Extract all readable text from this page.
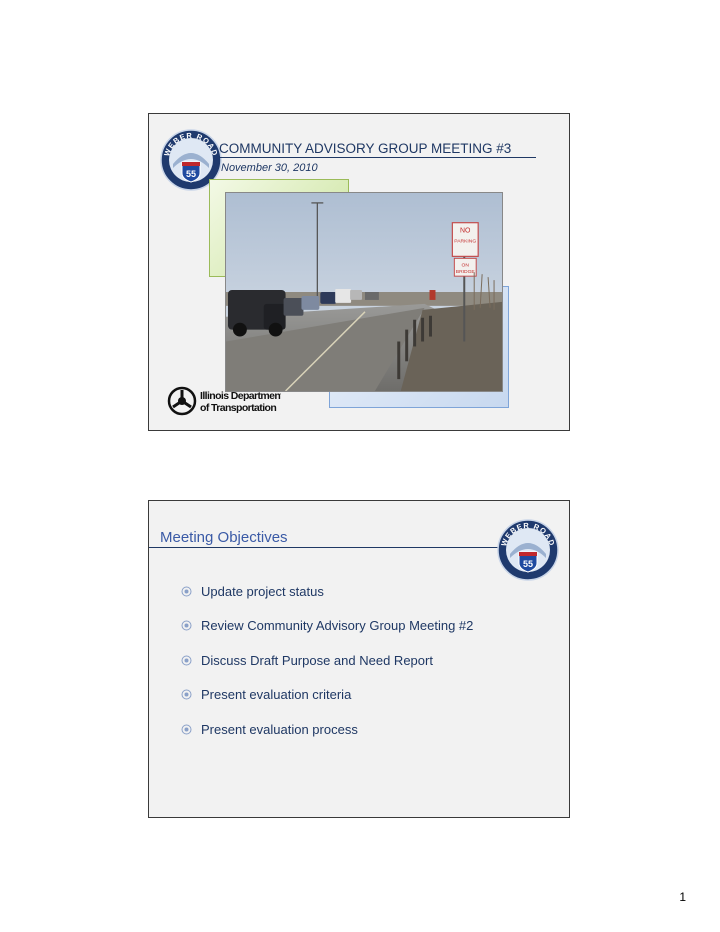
WEBER ROAD
55
COMMUNITY ADVISORY GROUP MEETING #3
November 30, 2010
NO
PARKING
ON
BRIDGE
Illinois Department
of Transportation
Meeting Objectives	WEBER ROAD
55
Update project status
Review Community Advisory Group Meeting #2
Discuss Draft Purpose and Need Report
Present evaluation criteria
Present evaluation process
1
